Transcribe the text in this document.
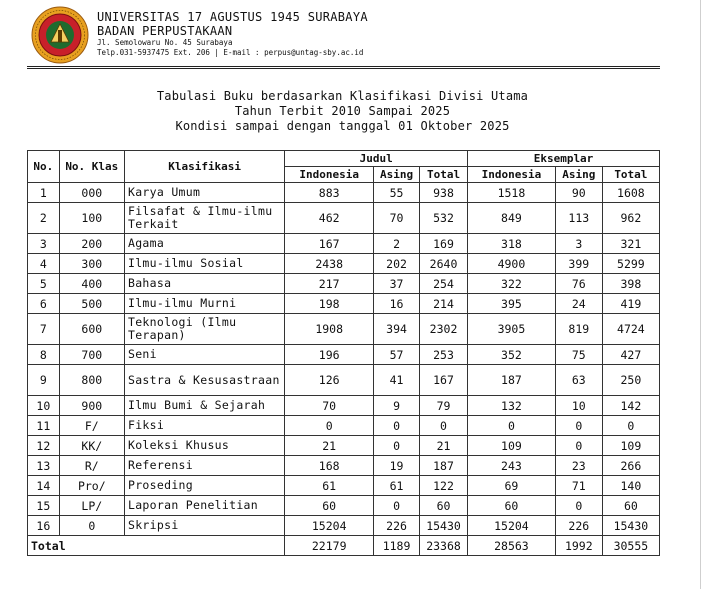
UNIVERSITAS 17 AGUSTUS 1945 SURABAYA
BADAN PERPUSTAKAAN
Jl. Semolowaru No. 45 Surabaya
Telp.031-5937475 Ext. 206 | E-mail : perpus@untag-sby.ac.id
Tabulasi Buku berdasarkan Klasifikasi Divisi Utama
Tahun Terbit 2010 Sampai 2025
Kondisi sampai dengan tanggal 01 Oktober 2025
No.	No. Klas	Klasifikasi	Judul			Eksemplar		
			Indonesia	Asing	Total	Indonesia	Asing	Total
1	000	Karya Umum	883	55	938	1518	90	1608
2	100	Filsafat & Ilmu-ilmu Terkait	462	70	532	849	113	962
3	200	Agama	167	2	169	318	3	321
4	300	Ilmu-ilmu Sosial	2438	202	2640	4900	399	5299
5	400	Bahasa	217	37	254	322	76	398
6	500	Ilmu-ilmu Murni	198	16	214	395	24	419
7	600	Teknologi (Ilmu Terapan)	1908	394	2302	3905	819	4724
8	700	Seni	196	57	253	352	75	427
9	800	Sastra & Kesusastraan	126	41	167	187	63	250
10	900	Ilmu Bumi & Sejarah	70	9	79	132	10	142
11	F/	Fiksi	0	0	0	0	0	0
12	KK/	Koleksi Khusus	21	0	21	109	0	109
13	R/	Referensi	168	19	187	243	23	266
14	Pro/	Proseding	61	61	122	69	71	140
15	LP/	Laporan Penelitian	60	0	60	60	0	60
16	0	Skripsi	15204	226	15430	15204	226	15430
Total			22179	1189	23368	28563	1992	30555
